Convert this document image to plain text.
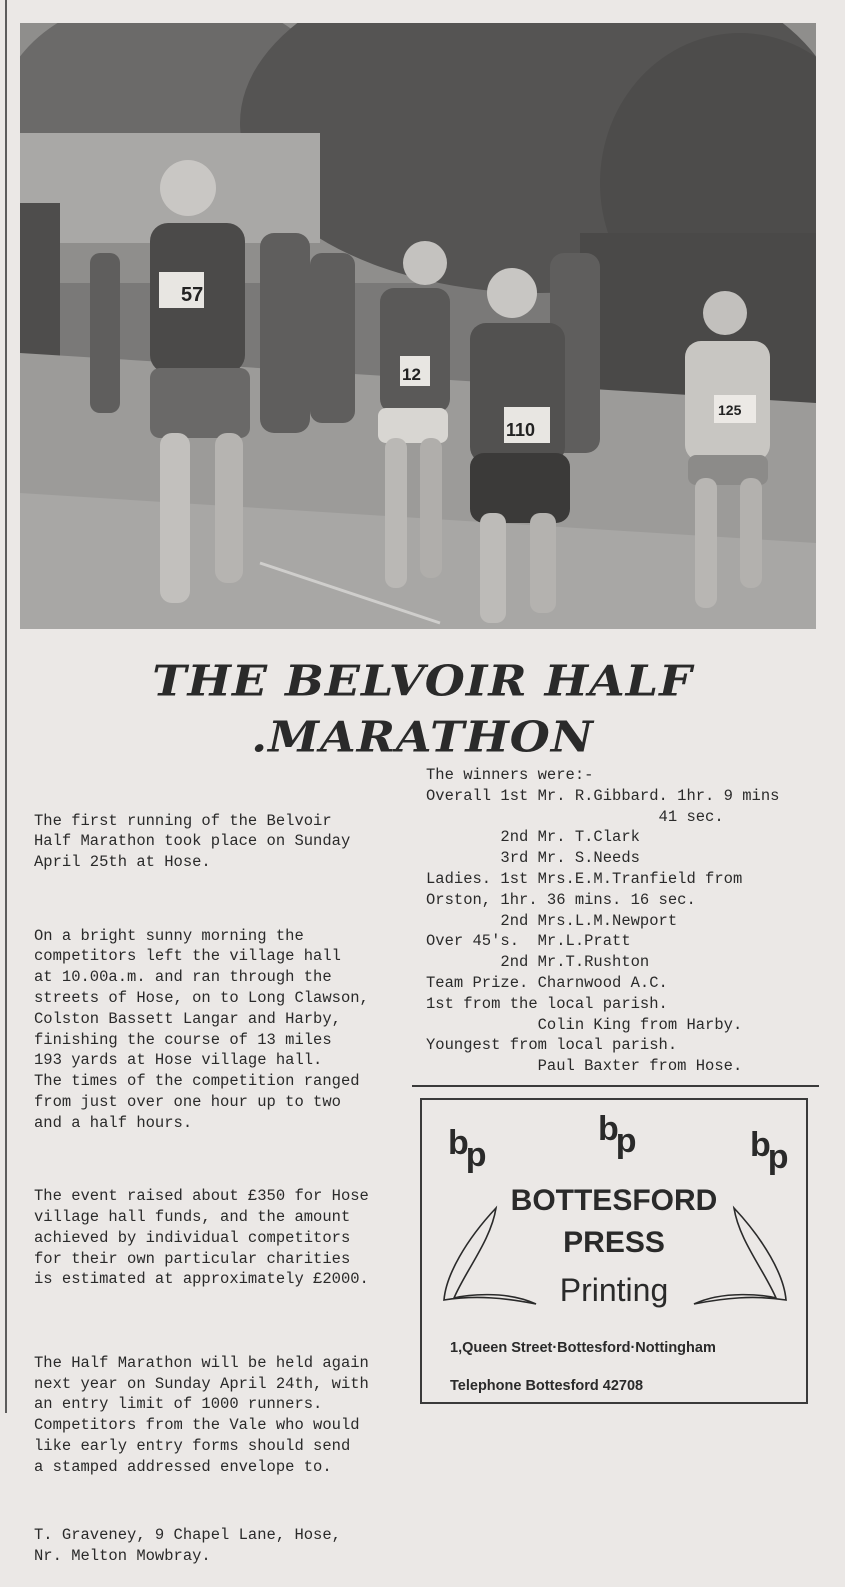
57
12
110
125
THE BELVOIR HALF
.MARATHON

The first running of the Belvoir
Half Marathon took place on Sunday
April 25th at Hose.

On a bright sunny morning the
competitors left the village hall
at 10.00a.m. and ran through the
streets of Hose, on to Long Clawson,
Colston Bassett Langar and Harby,
finishing the course of 13 miles
193 yards at Hose village hall.
The times of the competition ranged
from just over one hour up to two
and a half hours.

The event raised about £350 for Hose
village hall funds, and the amount
achieved by individual competitors
for their own particular charities
is estimated at approximately £2000.

The Half Marathon will be held again
next year on Sunday April 24th, with
an entry limit of 1000 runners.
Competitors from the Vale who would
like early entry forms should send
a stamped addressed envelope to.

T. Graveney, 9 Chapel Lane, Hose,
Nr. Melton Mowbray.

The winners were:-
Overall 1st Mr. R.Gibbard. 1hr. 9 mins
41 sec.
2nd Mr. T.Clark
3rd Mr. S.Needs
Ladies. 1st Mrs.E.M.Tranfield from
Orston, 1hr. 36 mins. 16 sec.
2nd Mrs.L.M.Newport
Over 45's.  Mr.L.Pratt
2nd Mr.T.Rushton
Team Prize. Charnwood A.C.
1st from the local parish.
Colin King from Harby.
Youngest from local parish.
Paul Baxter from Hose.
bp
bp	bp
BOTTESFORD
PRESS
Printing
1,Queen Street·Bottesford·Nottingham
Telephone Bottesford 42708
